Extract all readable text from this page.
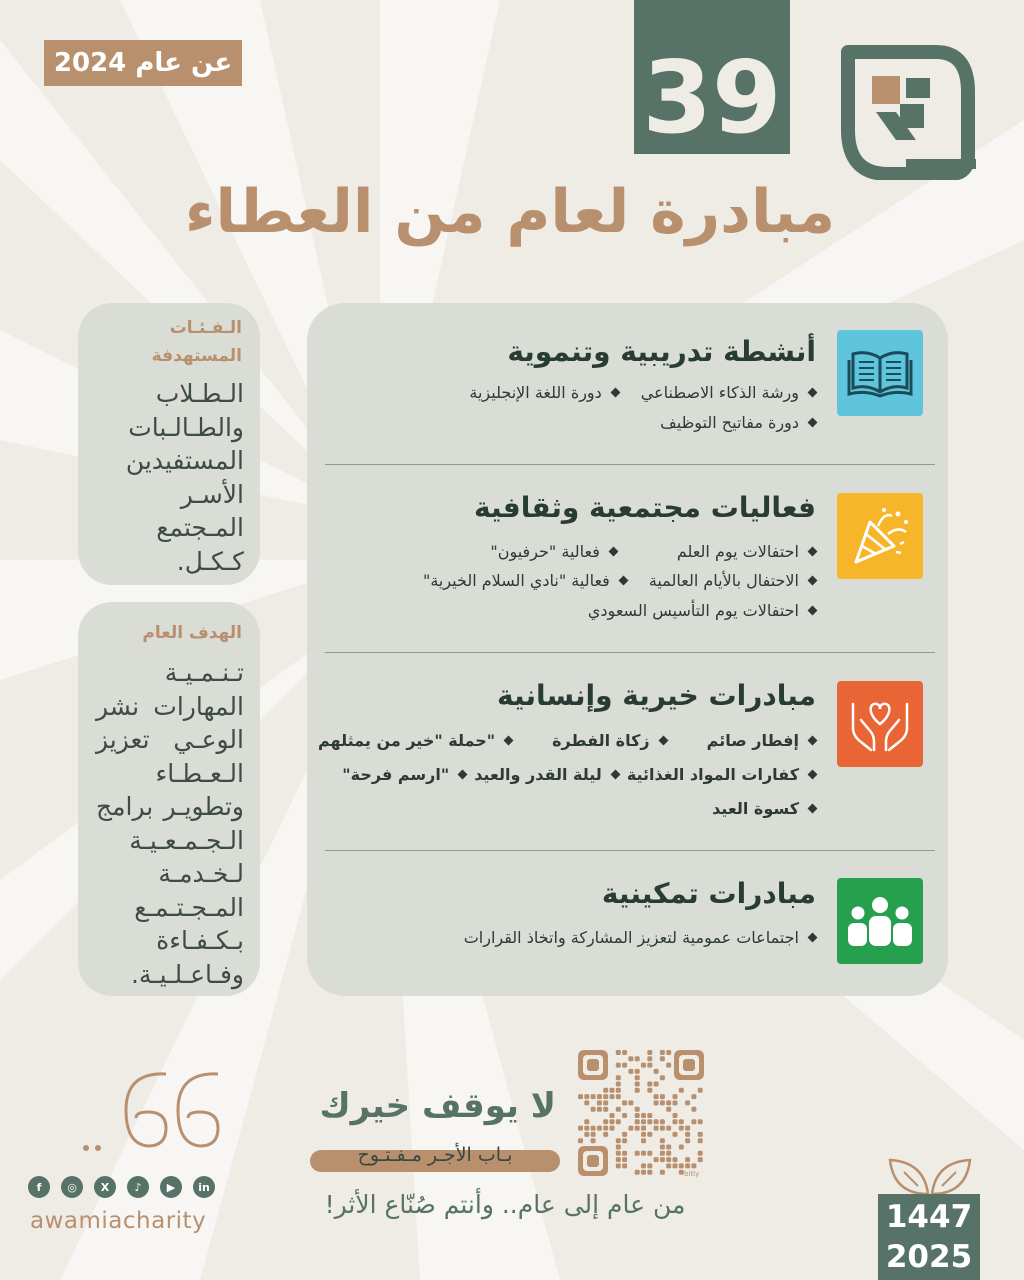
عن عام 2024	39
مبادرة لعام من العطاء
الـفـئـات
المستهدفة
الـطـلاب والطـالـبات المستفيدين الأسـر المـجتمع كـكـل.
الهدف العام
تـنـمـيـة المهارات نشر الوعـي تعزيز الـعـطـاء وتطويـر برامج الـجـمـعـيـة لـخـدمـة المـجـتـمـع بـكـفـاءة وفـاعـلـيـة.
أنشطة تدريبية وتنموية
ورشة الذكاء الاصطناعي
دورة اللغة الإنجليزية
دورة مفاتيح التوظيف
فعاليات مجتمعية وثقافية
احتفالات يوم العلم
فعالية "حرفيون"
الاحتفال بالأيام العالمية
فعالية "نادي السلام الخيرية"
احتفالات يوم التأسيس السعودي
مبادرات خيرية وإنسانية
إفطار صائم
زكاة الفطرة
"حملة "خير من يمثلهم
كفارات المواد الغذائية
ليلة القدر والعيد
"ارسم فرحة"
كسوة العيد
مبادرات تمكينية
اجتماعات عمومية لتعزيز المشاركة واتخاذ القرارات
f	◎	X	♪	▶	in
awamiacharity
لا يوقف خيرك
بـاب الأجـر مـفـتـوح
من عام إلى عام.. وأنتم صُنّاع الأثر!
bitly
1447
2025
